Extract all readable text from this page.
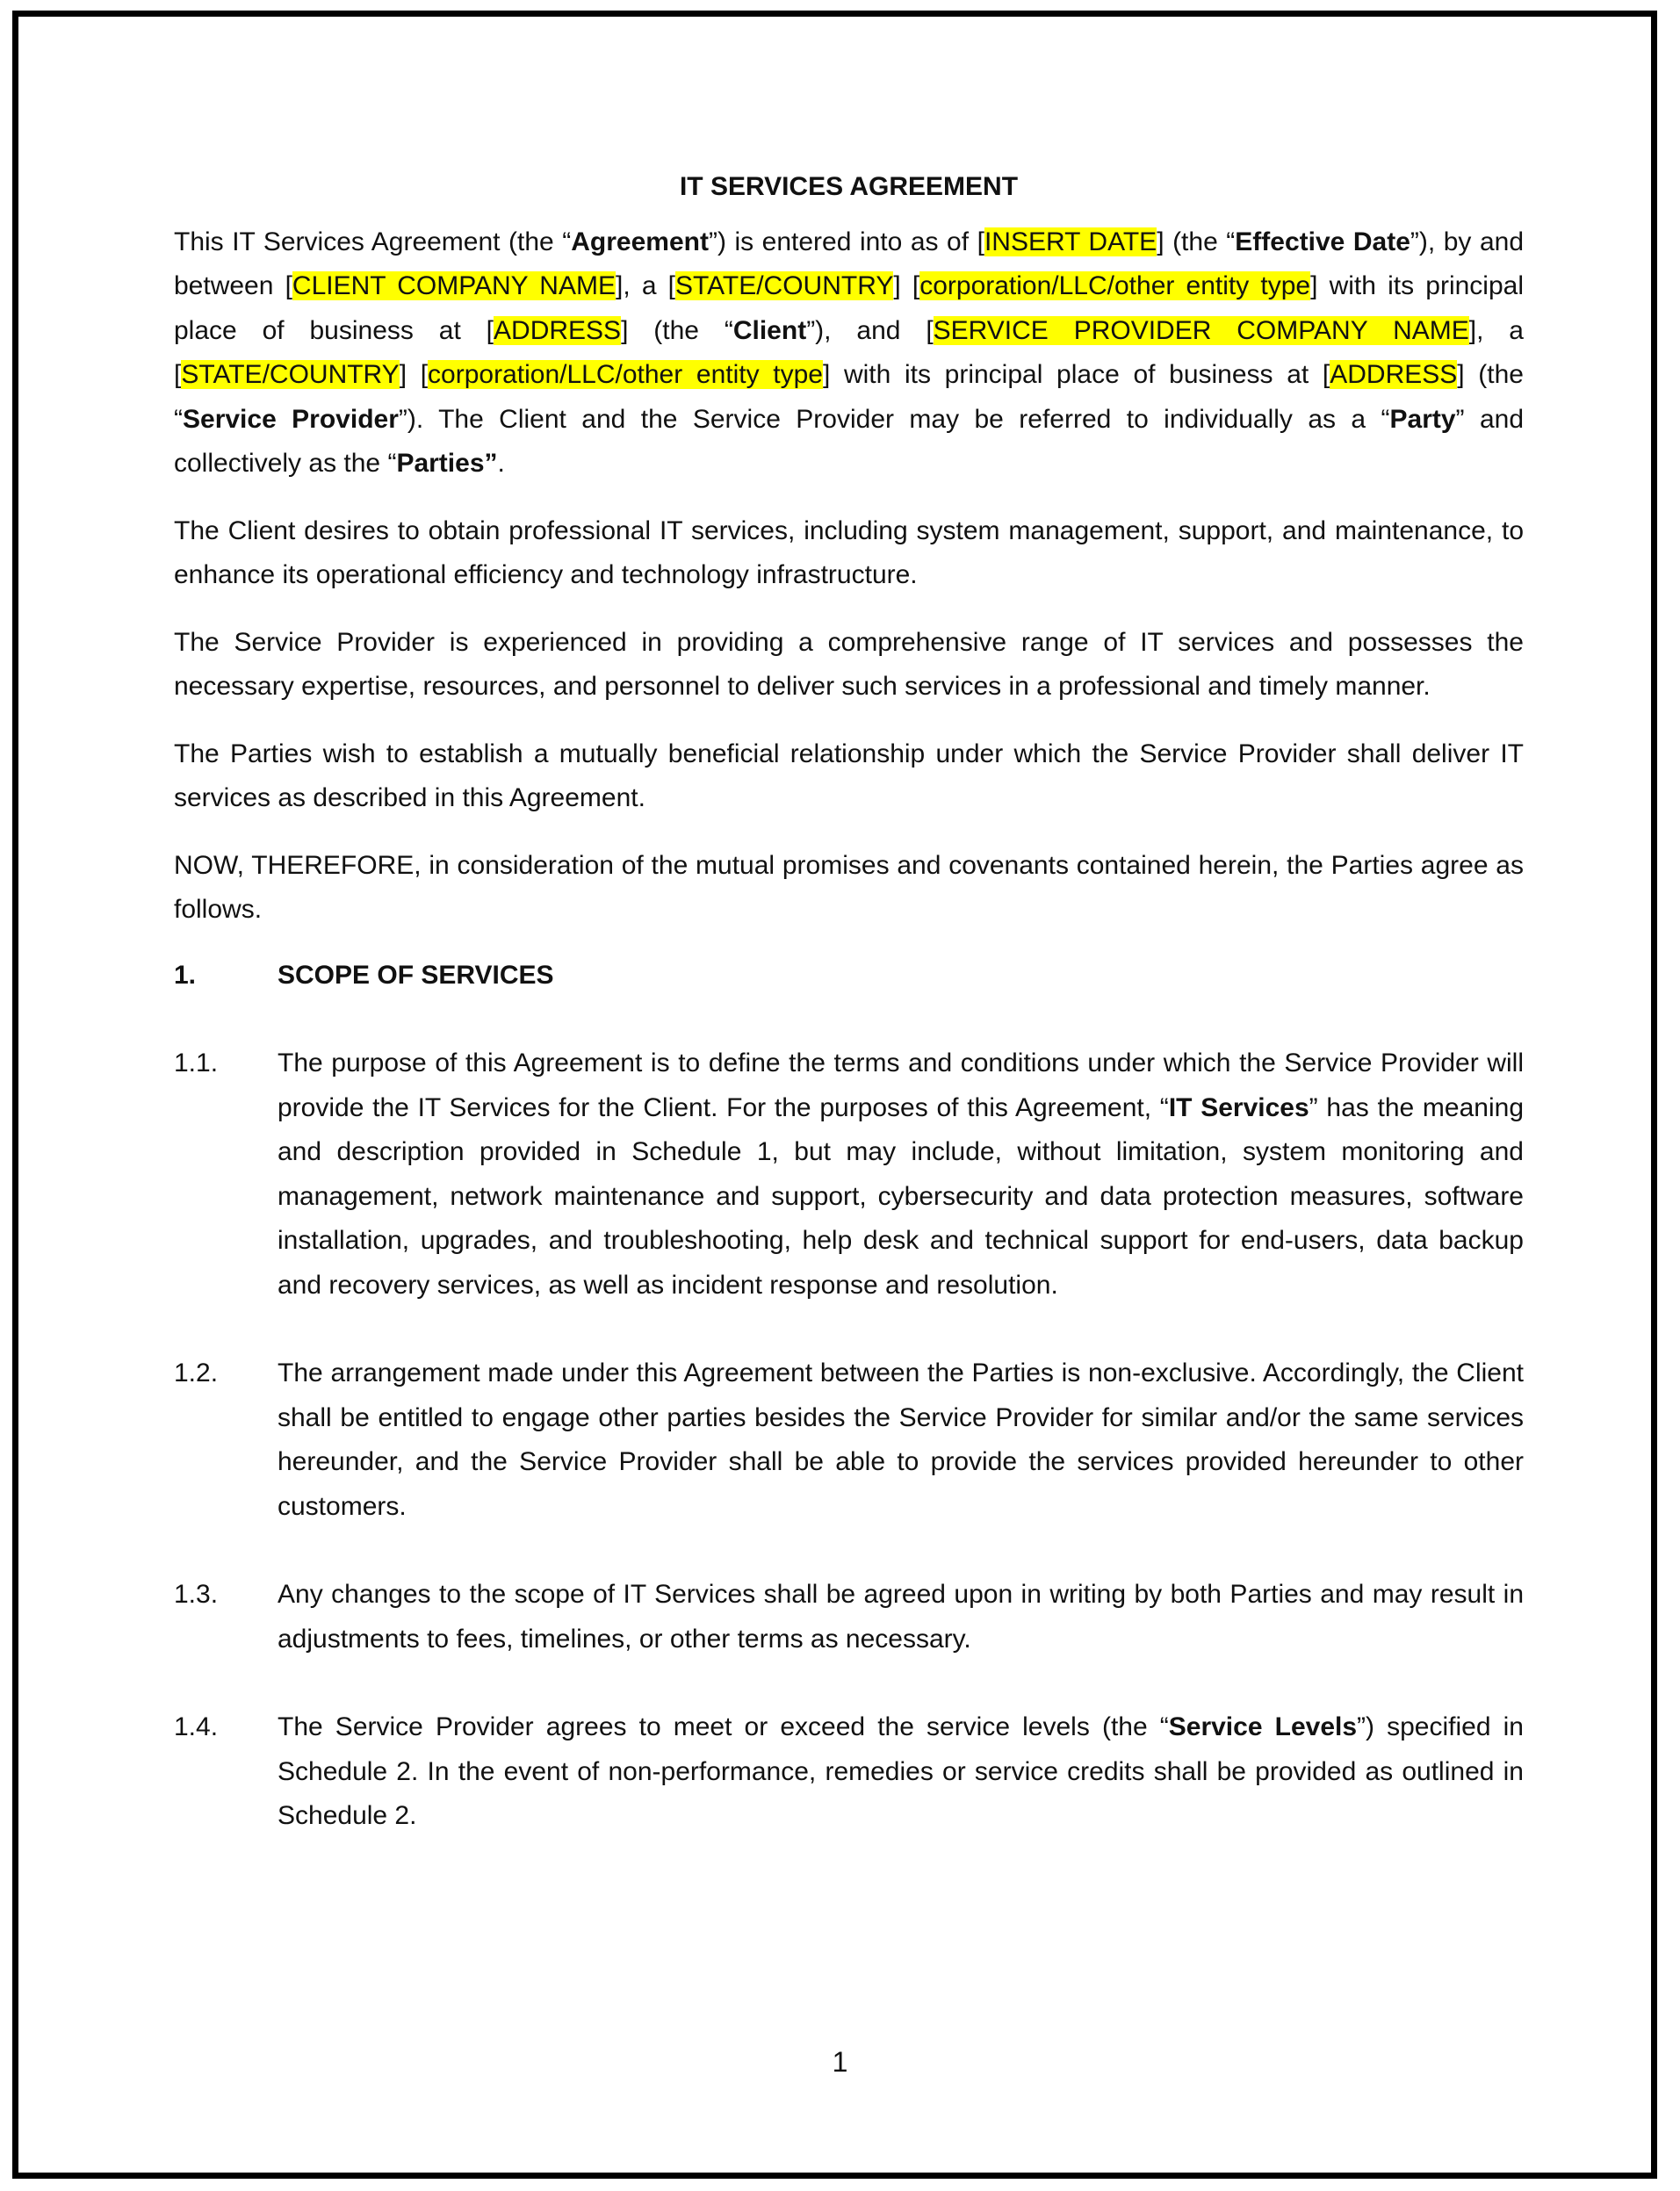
IT SERVICES AGREEMENT

This IT Services Agreement (the “Agreement”) is entered into as of [INSERT DATE] (the “Effective Date”), by and between [CLIENT COMPANY NAME], a [STATE/COUNTRY] [corporation/LLC/other entity type] with its principal place of business at [ADDRESS] (the “Client”), and [SERVICE PROVIDER COMPANY NAME], a [STATE/COUNTRY] [corporation/LLC/other entity type] with its principal place of business at [ADDRESS] (the “Service Provider”). The Client and the Service Provider may be referred to individually as a “Party” and collectively as the “Parties”.

The Client desires to obtain professional IT services, including system management, support, and maintenance, to enhance its operational efficiency and technology infrastructure.

The Service Provider is experienced in providing a comprehensive range of IT services and possesses the necessary expertise, resources, and personnel to deliver such services in a professional and timely manner.

The Parties wish to establish a mutually beneficial relationship under which the Service Provider shall deliver IT services as described in this Agreement.

NOW, THEREFORE, in consideration of the mutual promises and covenants contained herein, the Parties agree as follows.

1.	SCOPE OF SERVICES
1.1.	The purpose of this Agreement is to define the terms and conditions under which the Service Provider will provide the IT Services for the Client. For the purposes of this Agreement, “IT Services” has the meaning and description provided in Schedule 1, but may include, without limitation, system monitoring and management, network maintenance and support, cybersecurity and data protection measures, software installation, upgrades, and troubleshooting, help desk and technical support for end-users, data backup and recovery services, as well as incident response and resolution.
1.2.	The arrangement made under this Agreement between the Parties is non-exclusive. Accordingly, the Client shall be entitled to engage other parties besides the Service Provider for similar and/or the same services hereunder, and the Service Provider shall be able to provide the services provided hereunder to other customers.
1.3.	Any changes to the scope of IT Services shall be agreed upon in writing by both Parties and may result in adjustments to fees, timelines, or other terms as necessary.
1.4.	The Service Provider agrees to meet or exceed the service levels (the “Service Levels”) specified in Schedule 2. In the event of non-performance, remedies or service credits shall be provided as outlined in Schedule 2.
1
